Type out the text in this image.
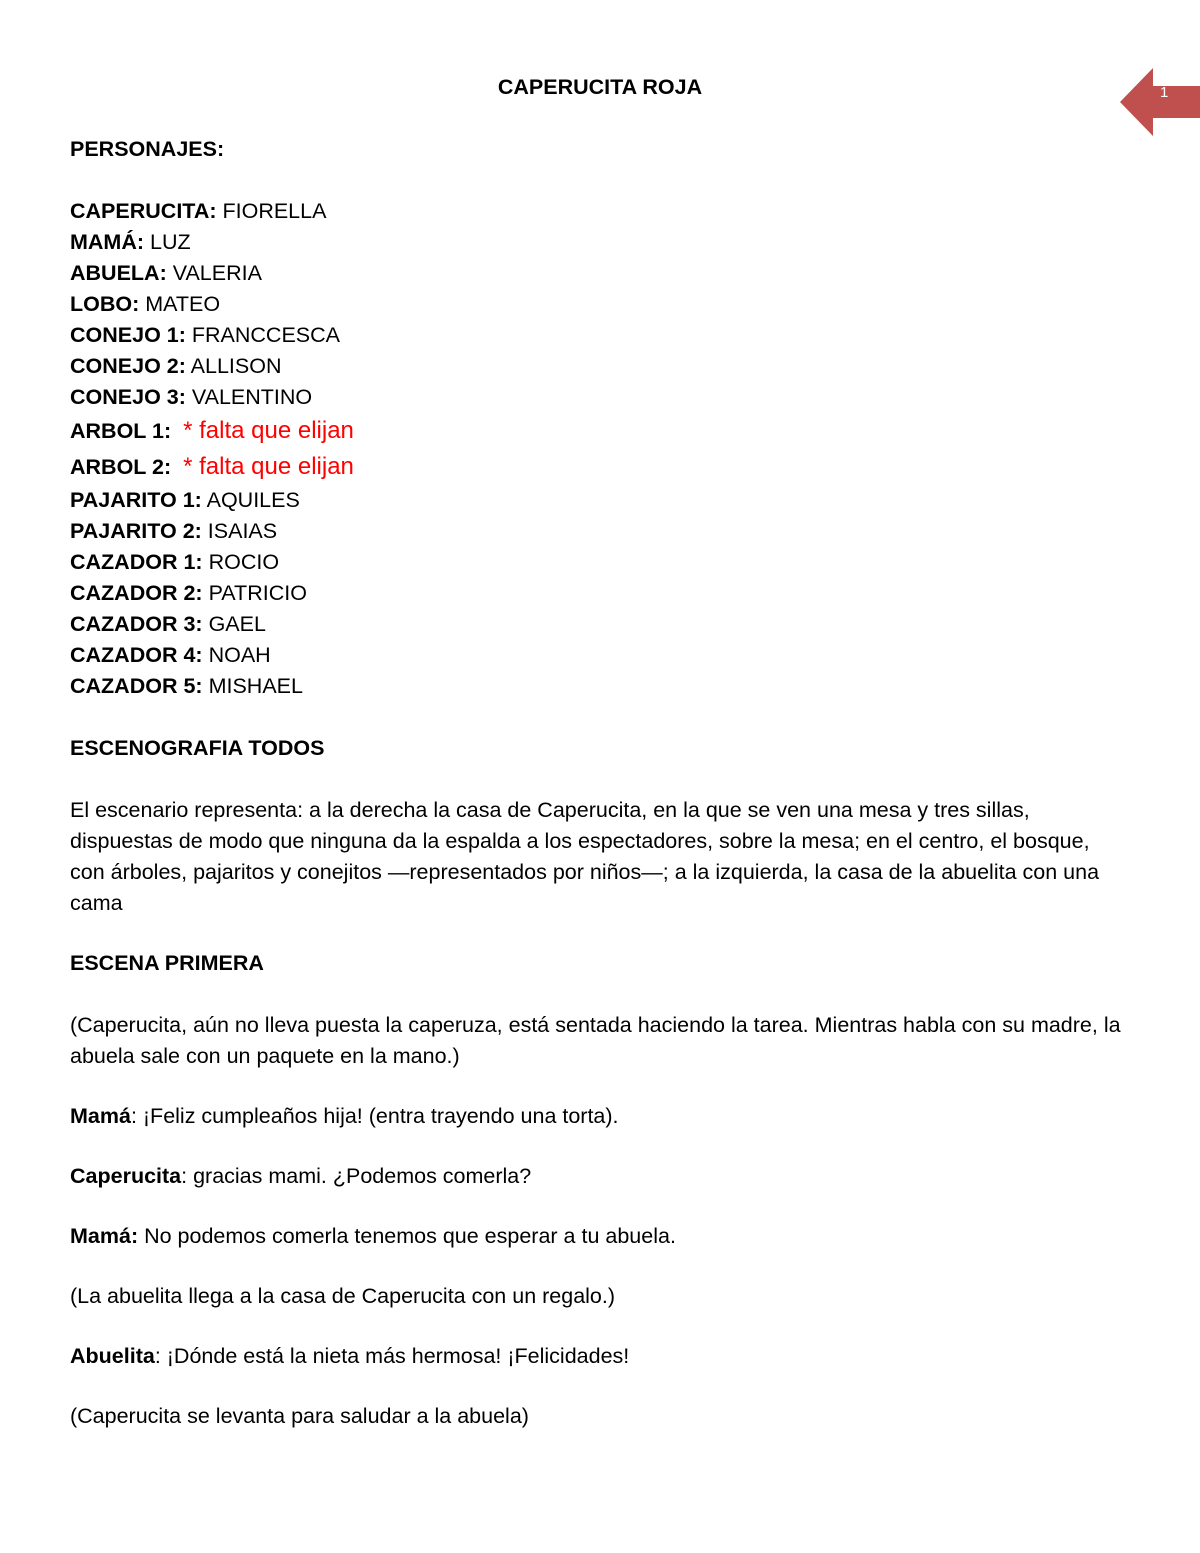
1
CAPERUCITA ROJA
PERSONAJES:
CAPERUCITA: FIORELLA
MAMÁ: LUZ
ABUELA: VALERIA
LOBO: MATEO
CONEJO 1: FRANCCESCA
CONEJO 2: ALLISON
CONEJO 3: VALENTINO
ARBOL 1: * falta que elijan
ARBOL 2: * falta que elijan
PAJARITO 1: AQUILES
PAJARITO 2: ISAIAS
CAZADOR 1: ROCIO
CAZADOR 2: PATRICIO
CAZADOR 3: GAEL
CAZADOR 4: NOAH
CAZADOR 5: MISHAEL
ESCENOGRAFIA TODOS

El escenario representa: a la derecha la casa de Caperucita, en la que se ven una mesa y tres sillas, dispuestas de modo que ninguna da la espalda a los espectadores, sobre la mesa; en el centro, el bosque, con árboles, pajaritos y conejitos —representados por niños—; a la izquierda, la casa de la abuelita con una cama

ESCENA PRIMERA

(Caperucita, aún no lleva puesta la caperuza, está sentada haciendo la tarea. Mientras habla con su madre, la abuela sale con un paquete en la mano.)

Mamá: ¡Feliz cumpleaños hija! (entra trayendo una torta).

Caperucita: gracias mami. ¿Podemos comerla?

Mamá: No podemos comerla tenemos que esperar a tu abuela.

(La abuelita llega a la casa de Caperucita con un regalo.)

Abuelita: ¡Dónde está la nieta más hermosa! ¡Felicidades!

(Caperucita se levanta para saludar a la abuela)
